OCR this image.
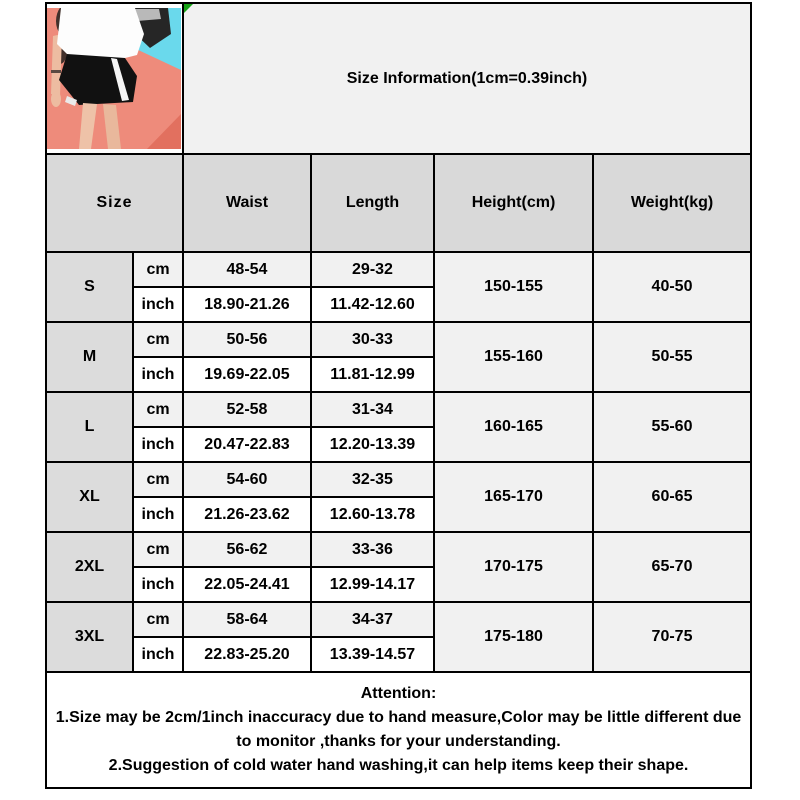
Size Information(1cm=0.39inch)			
Size		Waist	Length	Height(cm)	Weight(kg)
S	cm	48-54	29-32	150-155	40-50
	inch	18.90-21.26	11.42-12.60		
M	cm	50-56	30-33	155-160	50-55
	inch	19.69-22.05	11.81-12.99		
L	cm	52-58	31-34	160-165	55-60
	inch	20.47-22.83	12.20-13.39		
XL	cm	54-60	32-35	165-170	60-65
	inch	21.26-23.62	12.60-13.78		
2XL	cm	56-62	33-36	170-175	65-70
	inch	22.05-24.41	12.99-14.17		
3XL	cm	58-64	34-37	175-180	70-75
	inch	22.83-25.20	13.39-14.57		

Attention:
1.Size may be 2cm/1inch inaccuracy due to hand measure,Color may be little different due to monitor ,thanks for your understanding.
2.Suggestion of cold water hand washing,it can help items keep their shape.					
